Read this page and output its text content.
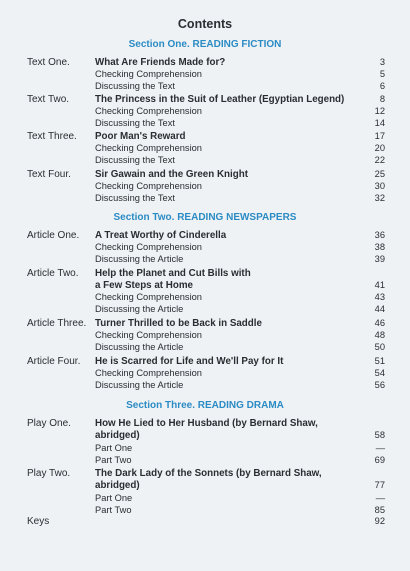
Contents
Section One. READING FICTION
Text One.	What Are Friends Made for?	3
Checking Comprehension	5
Discussing the Text	6
Text Two.	The Princess in the Suit of Leather (Egyptian Legend)	8
Checking Comprehension	12
Discussing the Text	14
Text Three. Poor Man's Reward	17
Checking Comprehension	20
Discussing the Text	22
Text Four. Sir Gawain and the Green Knight	25
Checking Comprehension	30
Discussing the Text	32
Section Two. READING NEWSPAPERS
Article One. A Treat Worthy of Cinderella	36
Checking Comprehension	38
Discussing the Article	39
Article Two. Help the Planet and Cut Bills with
a Few Steps at Home	41
Checking Comprehension	43
Discussing the Article	44
Article Three. Turner Thrilled to be Back in Saddle	46
Checking Comprehension	48
Discussing the Article	50
Article Four. He is Scarred for Life and We'll Pay for It	51
Checking Comprehension	54
Discussing the Article	56
Section Three. READING DRAMA
Play One. How He Lied to Her Husband (by Bernard Shaw,
abridged)	58
Part One	—
Part Two	69
Play Two.	The Dark Lady of the Sonnets (by Bernard Shaw,
abridged)	77
Part One	—
Part Two	85
Keys	92
